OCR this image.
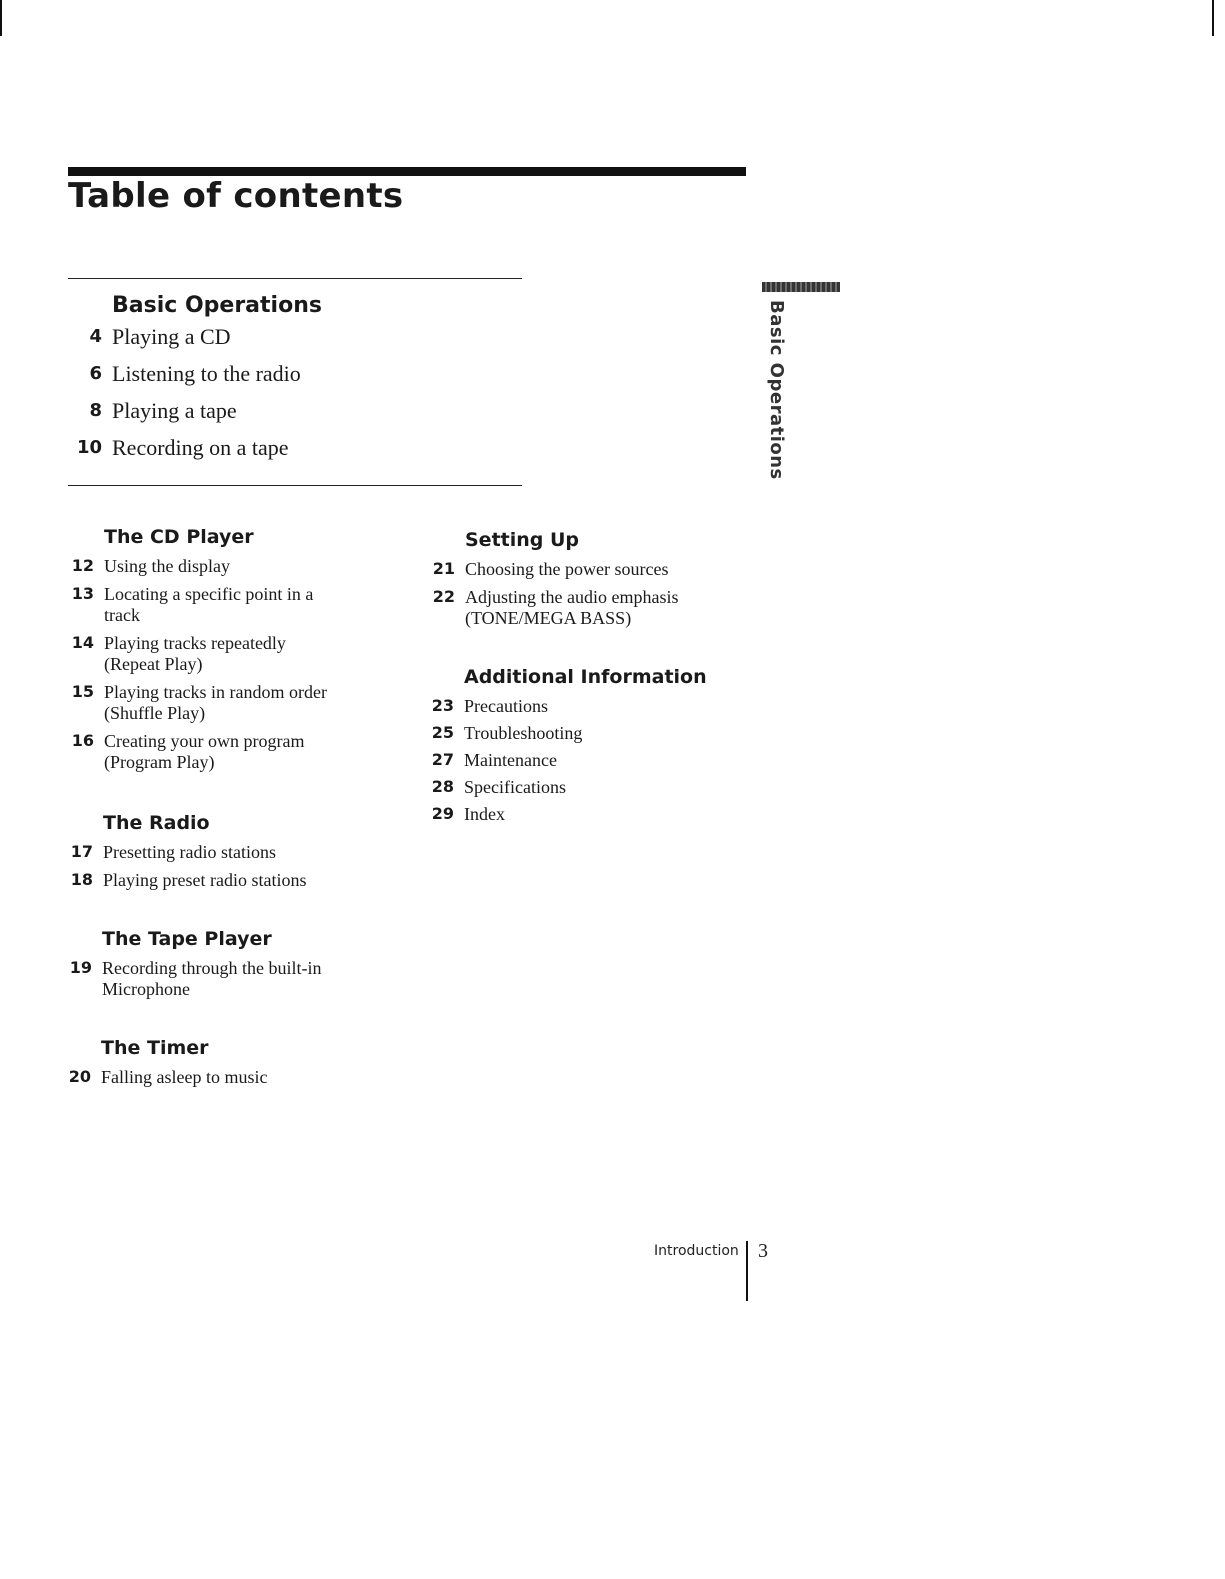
Table of contents
Basic Operations
4 Playing a CD
6 Listening to the radio
8 Playing a tape
10 Recording on a tape	Basic Operations
The CD Player
12 Using the display
13 Locating a specific point in a
track
14 Playing tracks repeatedly
(Repeat Play)
15 Playing tracks in random order
(Shuffle Play)
16 Creating your own program
(Program Play)
The Radio
17 Presetting radio stations
18 Playing preset radio stations
The Tape Player
19 Recording through the built-in
Microphone
The Timer
20 Falling asleep to music
Setting Up
21 Choosing the power sources
22 Adjusting the audio emphasis
(TONE/MEGA BASS)
Additional Information
23 Precautions
25 Troubleshooting
27 Maintenance
28 Specifications
29 Index
Introduction 3
